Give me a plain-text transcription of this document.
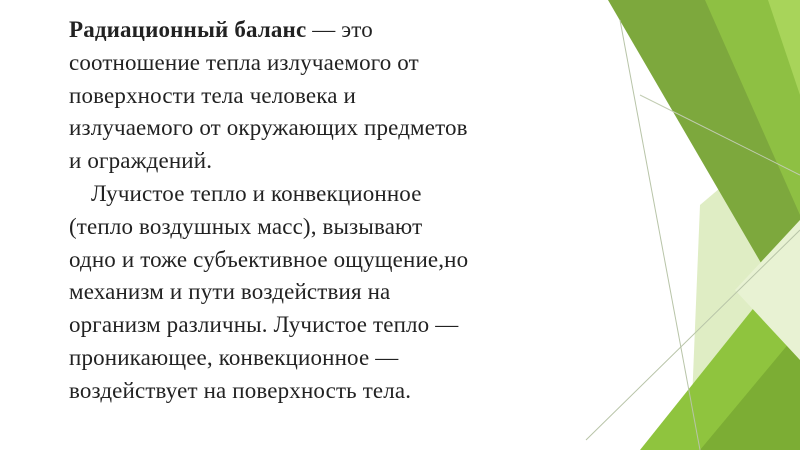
Радиационный баланс — это
соотношение тепла излучаемого от
поверхности тела человека и
излучаемого от окружающих предметов
и ограждений.

Лучистое тепло и конвекционное
(тепло воздушных масс), вызывают
одно и тоже субъективное ощущение,но
механизм и пути воздействия на
организм различны. Лучистое тепло —
проникающее, конвекционное —
воздействует на поверхность тела.
